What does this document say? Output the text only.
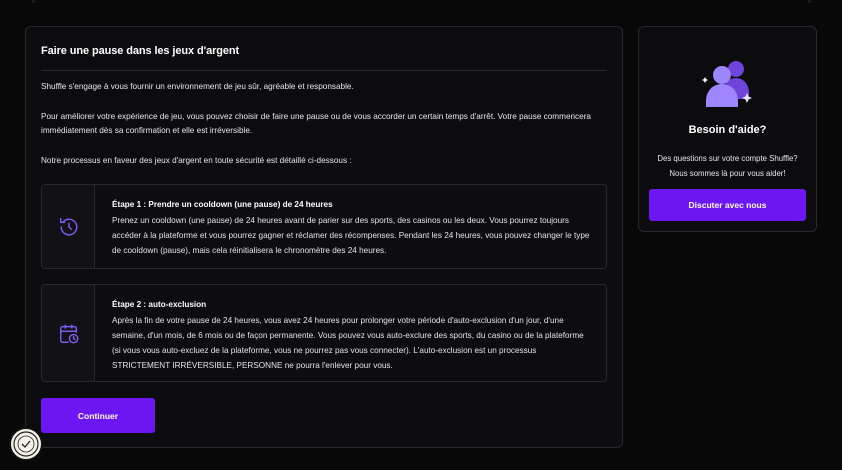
Faire une pause dans les jeux d'argent
Shuffle s'engage à vous fournir un environnement de jeu sûr, agréable et responsable.
Pour améliorer votre expérience de jeu, vous pouvez choisir de faire une pause ou de vous accorder un certain temps d'arrêt. Votre pause commencera immédiatement dès sa confirmation et elle est irréversible.
Notre processus en faveur des jeux d'argent en toute sécurité est détaillé ci-dessous :
Étape 1 : Prendre un cooldown (une pause) de 24 heures
Prenez un cooldown (une pause) de 24 heures avant de parier sur des sports, des casinos ou les deux. Vous pourrez toujours accéder à la plateforme et vous pourrez gagner et réclamer des récompenses. Pendant les 24 heures, vous pouvez changer le type de cooldown (pause), mais cela réinitialisera le chronomètre des 24 heures.
Étape 2 : auto-exclusion
Après la fin de votre pause de 24 heures, vous avez 24 heures pour prolonger votre période d'auto-exclusion d'un jour, d'une semaine, d'un mois, de 6 mois ou de façon permanente. Vous pouvez vous auto-exclure des sports, du casino ou de la plateforme (si vous vous auto-excluez de la plateforme, vous ne pourrez pas vous connecter). L'auto-exclusion est un processus STRICTEMENT IRRÉVERSIBLE, PERSONNE ne pourra l'enlever pour vous.
Continuer
Besoin d'aide?
Des questions sur votre compte Shuffle?
Nous sommes là pour vous aider!
Discuter avec nous
